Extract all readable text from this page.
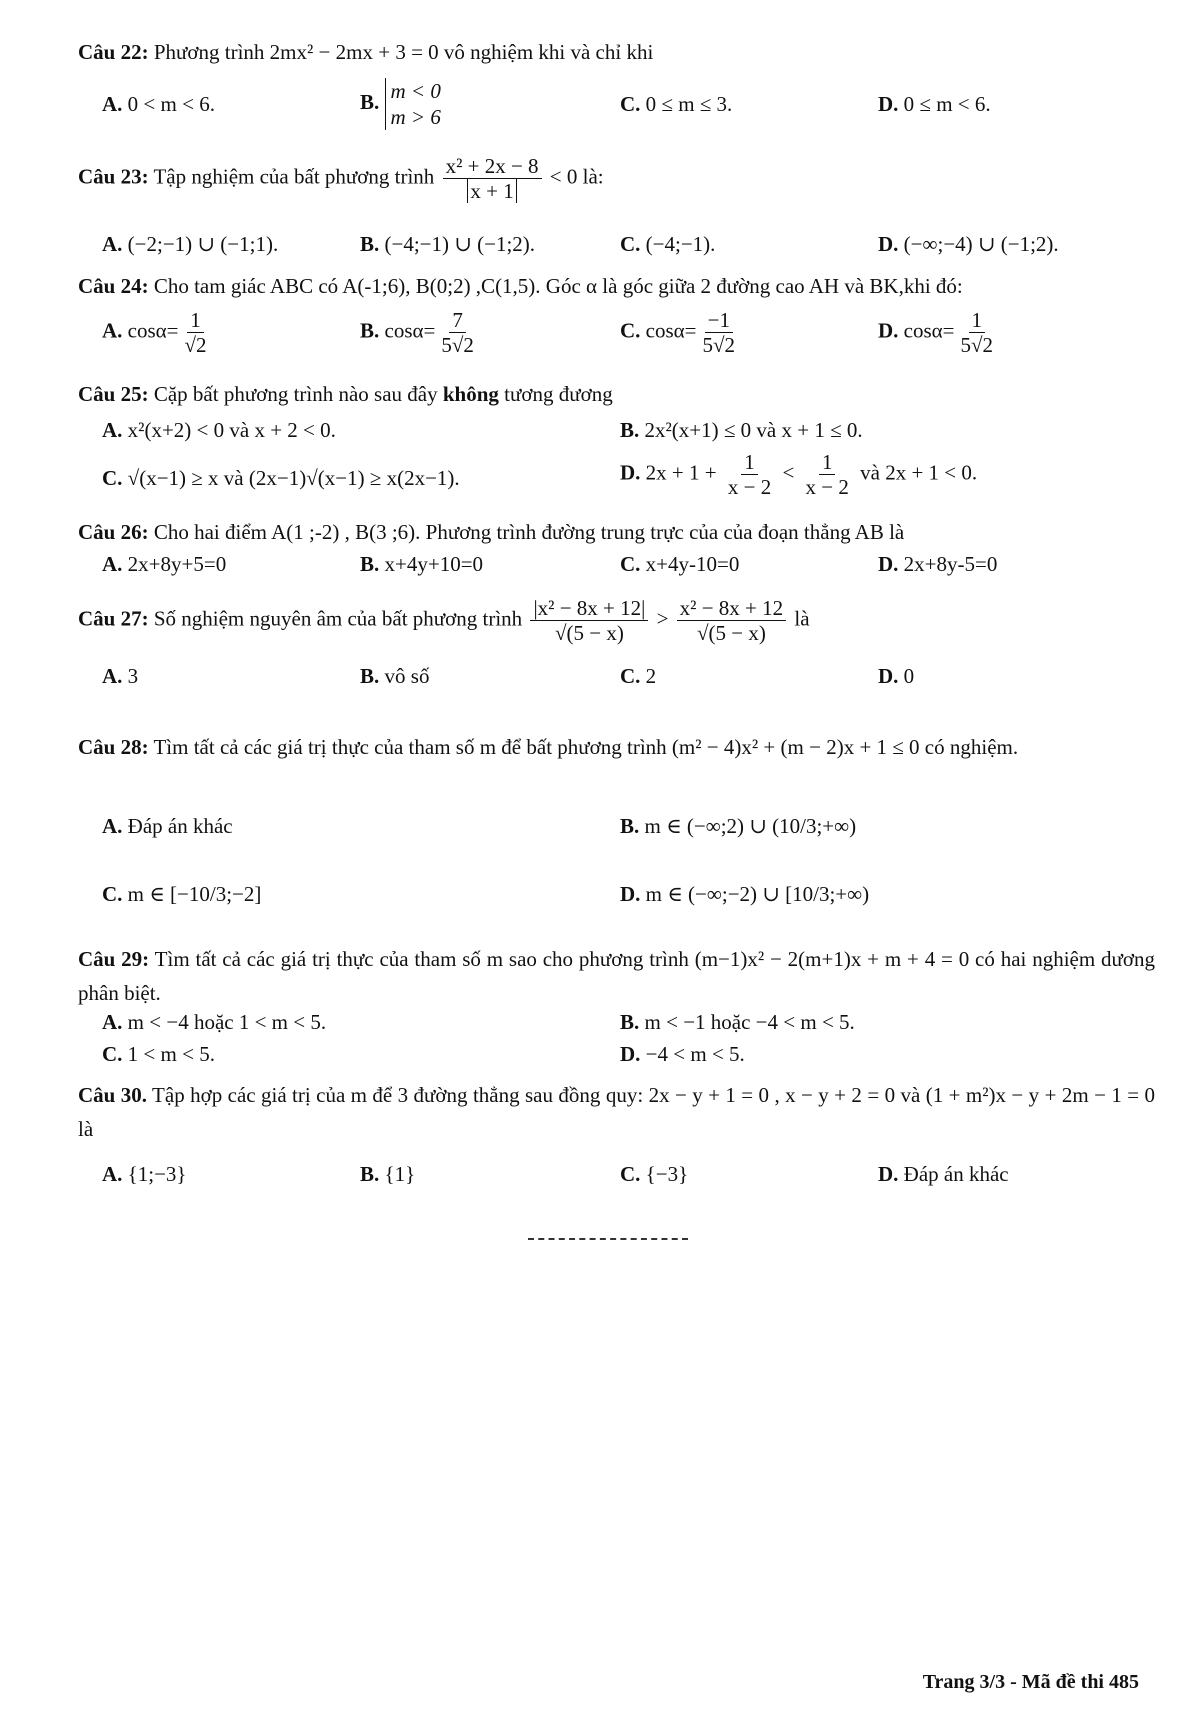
Câu 22: Phương trình 2mx² − 2mx + 3 = 0 vô nghiệm khi và chỉ khi
A. 0 < m < 6.	B. m < 0
m > 6
C. 0 ≤ m ≤ 3.	D. 0 ≤ m < 6.
Câu 23: Tập nghiệm của bất phương trình $\frac{\text{x² + 2x − 8}}{x + 1} < 0$ là:
A. (−2;−1) ∪ (−1;1).	B. (−4;−1) ∪ (−1;2).	C. (−4;−1).	D. (−∞;−4) ∪ (−1;2).
Câu 24: Cho tam giác ABC có A(-1;6), B(0;2) ,C(1,5). Góc α là góc giữa 2 đường cao AH và BK,khi đó:
A. $\cos\alpha= \frac{1}{√2}$	B. $\cos\alpha= \frac{7}{5√2}$	C. $\cos\alpha= \frac{-1}{5√2}$	D. $\cos\alpha= \frac{1}{5√2}$
Câu 25: Cặp bất phương trình nào sau đây không tương đương
A. x²(x+2) < 0 và x + 2 < 0.	B. 2x²(x+1) ≤ 0 và x + 1 ≤ 0.
C. √(x−1) ≥ x và (2x−1)√(x−1) ≥ x(2x−1).	D. $2x + 1 + \frac{1}{x - 2} < \frac{1}{x - 2}$ và 2x + 1 < 0.
Câu 26: Cho hai điểm A(1 ;-2) , B(3 ;6). Phương trình đường trung trực của của đoạn thẳng AB là
A. 2x+8y+5=0	B. x+4y+10=0	C. x+4y-10=0	D. 2x+8y-5=0
Câu 27: Số nghiệm nguyên âm của bất phương trình $\frac{\text{|x² − 8x + 12|}}{√(5 - x)} > \frac{\text{x² − 8x + 12}}{√(5 - x)}$ là
A. 3	B. vô số	C. 2	D. 0
Câu 28: Tìm tất cả các giá trị thực của tham số m để bất phương trình (m² − 4)x² + (m − 2)x + 1 ≤ 0 có nghiệm.
A. Đáp án khác	B. m ∈ (−∞;2) ∪ (10/3;+∞)
C. m ∈ [−10/3;−2]	D. m ∈ (−∞;−2) ∪ [10/3;+∞)
Câu 29: Tìm tất cả các giá trị thực của tham số m sao cho phương trình (m−1)x² − 2(m+1)x + m + 4 = 0 có hai nghiệm dương phân biệt.
A. m < −4 hoặc 1 < m < 5.	B. m < −1 hoặc −4 < m < 5.
C. 1 < m < 5.	D. −4 < m < 5.
Câu 30. Tập hợp các giá trị của m để 3 đường thẳng sau đồng quy: 2x − y + 1 = 0 , x − y + 2 = 0 và (1 + m²)x − y + 2m − 1 = 0 là
A. {1;−3}	B. {1}	C. {−3}	D. Đáp án khác
Trang 3/3 - Mã đề thi 485
